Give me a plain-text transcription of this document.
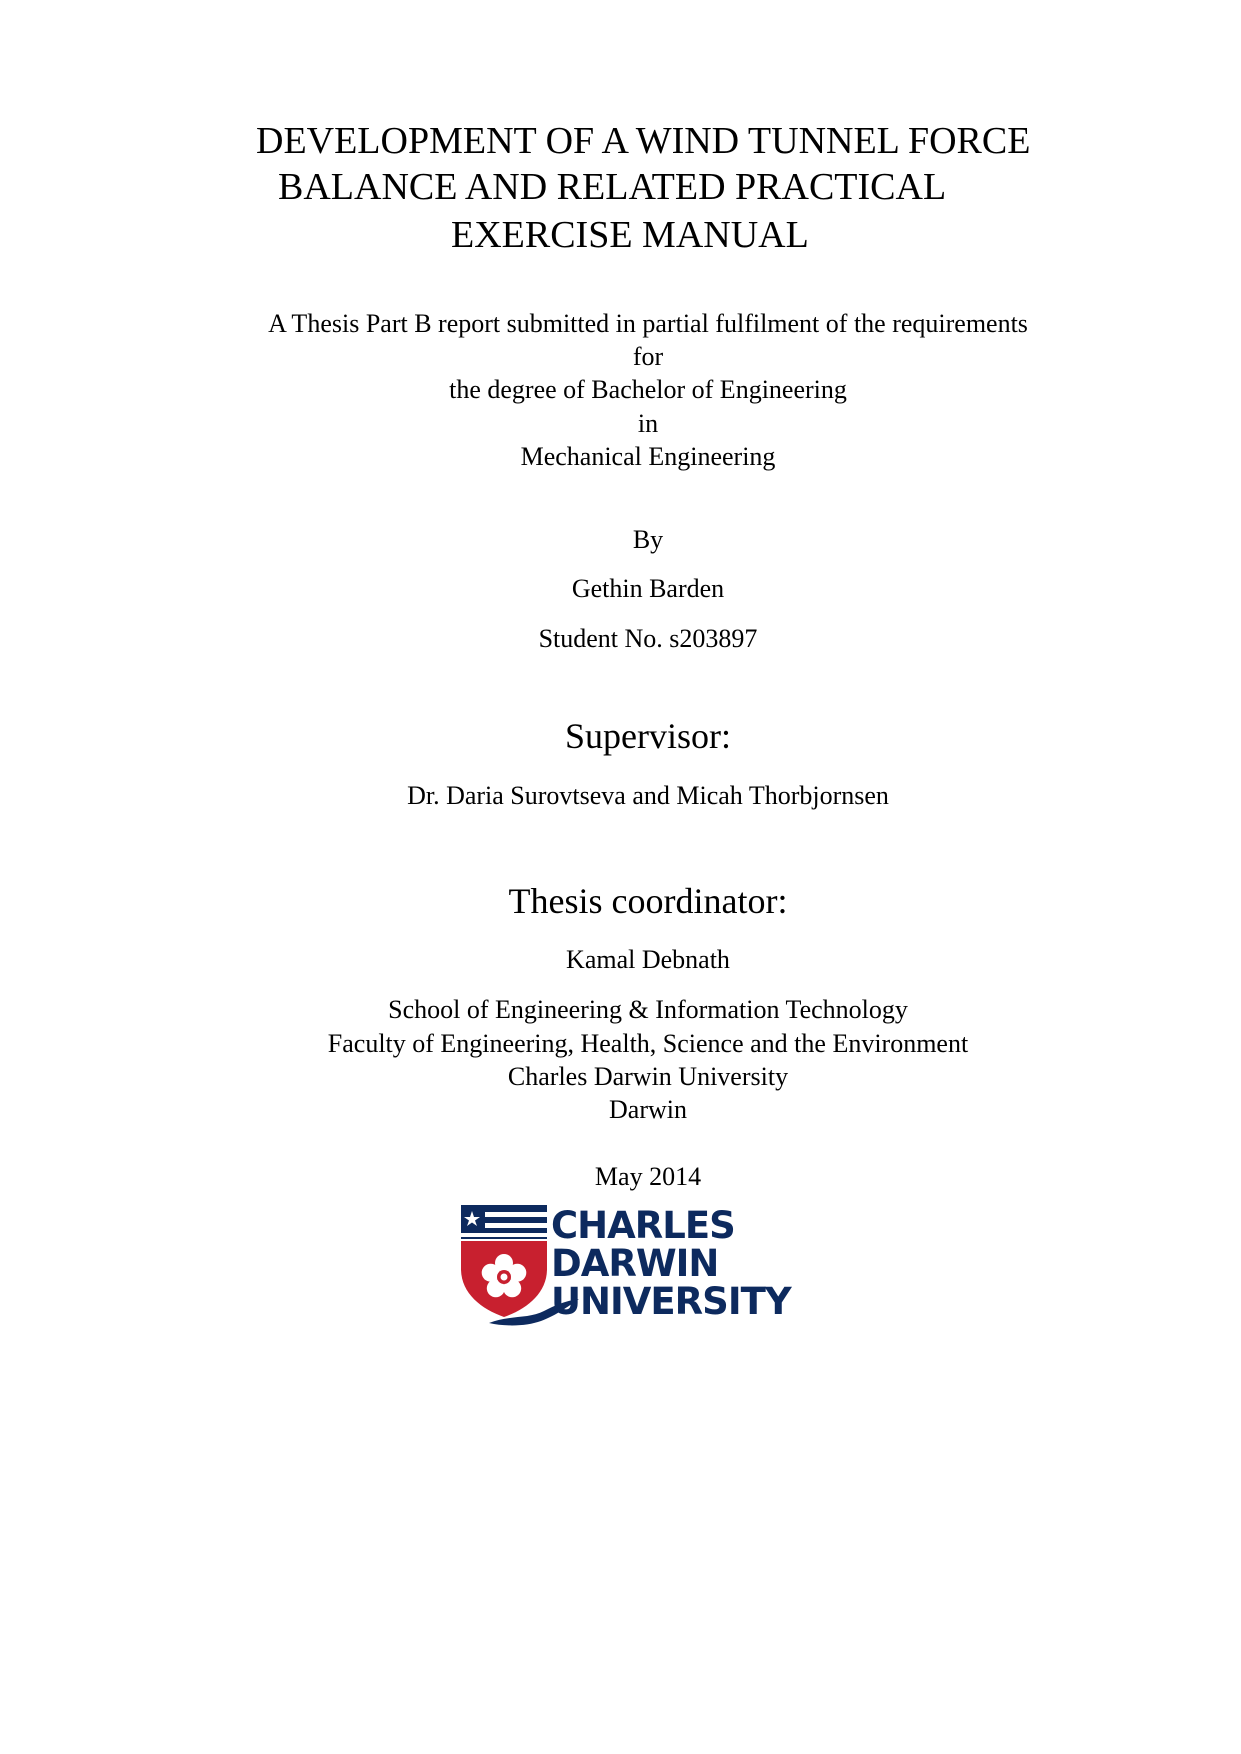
DEVELOPMENT OF A WIND TUNNEL FORCE
BALANCE AND RELATED PRACTICAL
EXERCISE MANUAL
A Thesis Part B report submitted in partial fulfilment of the requirements
for
the degree of Bachelor of Engineering
in
Mechanical Engineering
By
Gethin Barden
Student No. s203897
Supervisor:
Dr. Daria Surovtseva and Micah Thorbjornsen
Thesis coordinator:
Kamal Debnath
School of Engineering & Information Technology
Faculty of Engineering, Health, Science and the Environment
Charles Darwin University
Darwin
May 2014
CHARLES
DARWIN
UNIVERSITY
